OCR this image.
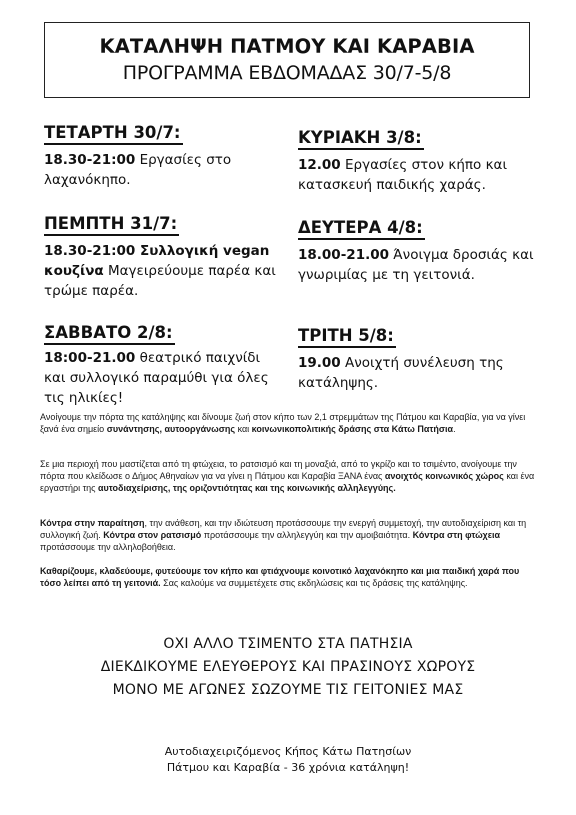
ΚΑΤΑΛΗΨΗ ΠΑΤΜΟΥ ΚΑΙ ΚΑΡΑΒΙΑ
ΠΡΟΓΡΑΜΜΑ ΕΒΔΟΜΑΔΑΣ 30/7-5/8
ΤΕΤΑΡΤΗ 30/7:
18.30-21:00 Εργασίες στο λαχανόκηπο.
ΠΕΜΠΤΗ 31/7:
18.30-21:00 Συλλογική vegan κουζίνα Μαγειρεύουμε παρέα και τρώμε παρέα.
ΣΑΒΒΑΤΟ 2/8:
18:00-21.00 θεατρικό παιχνίδι και συλλογικό παραμύθι για όλες τις ηλικίες!
ΚΥΡΙΑΚΗ 3/8:
12.00 Εργασίες στον κήπο και κατασκευή παιδικής χαράς.
ΔΕΥΤΕΡΑ 4/8:
18.00-21.00 Άνοιγμα δροσιάς και γνωριμίας με τη γειτονιά.
ΤΡΙΤΗ 5/8:
19.00 Ανοιχτή συνέλευση της κατάληψης.

Ανοίγουμε την πόρτα της κατάληψης και δίνουμε ζωή στον κήπο των 2,1 στρεμμάτων της Πάτμου και Καραβία, για να γίνει ξανά ένα σημείο συνάντησης, αυτοοργάνωσης και κοινωνικοπολιτικής δράσης στα Κάτω Πατήσια.

Σε μια περιοχή που μαστίζεται από τη φτώχεια, το ρατσισμό και τη μοναξιά, από το γκρίζο και το τσιμέντο, ανοίγουμε την πόρτα που κλείδωσε ο Δήμος Αθηναίων για να γίνει η Πάτμου και Καραβία ΞΑΝΑ ένας ανοιχτός κοινωνικός χώρος και ένα εργαστήρι της αυτοδιαχείρισης, της οριζοντιότητας και της κοινωνικής αλληλεγγύης.

Κόντρα στην παραίτηση, την ανάθεση, και την ιδιώτευση προτάσσουμε την ενεργή συμμετοχή, την αυτοδιαχείριση και τη συλλογική ζωή. Κόντρα στον ρατσισμό προτάσσουμε την αλληλεγγύη και την αμοιβαιότητα. Κόντρα στη φτώχεια προτάσσουμε την αλληλοβοήθεια.

Καθαρίζουμε, κλαδεύουμε, φυτεύουμε τον κήπο και φτιάχνουμε κοινοτικό λαχανόκηπο και μια παιδική χαρά που τόσο λείπει από τη γειτονιά. Σας καλούμε να συμμετέχετε στις εκδηλώσεις και τις δράσεις της κατάληψης.

ΟΧΙ ΑΛΛΟ ΤΣΙΜΕΝΤΟ ΣΤΑ ΠΑΤΗΣΙΑ
ΔΙΕΚΔΙΚΟΥΜΕ ΕΛΕΥΘΕΡΟΥΣ ΚΑΙ ΠΡΑΣΙΝΟΥΣ ΧΩΡΟΥΣ
ΜΟΝΟ ΜΕ ΑΓΩΝΕΣ ΣΩΖΟΥΜΕ ΤΙΣ ΓΕΙΤΟΝΙΕΣ ΜΑΣ
Αυτοδιαχειριζόμενος Κήπος Κάτω Πατησίων
Πάτμου και Καραβία - 36 χρόνια κατάληψη!
